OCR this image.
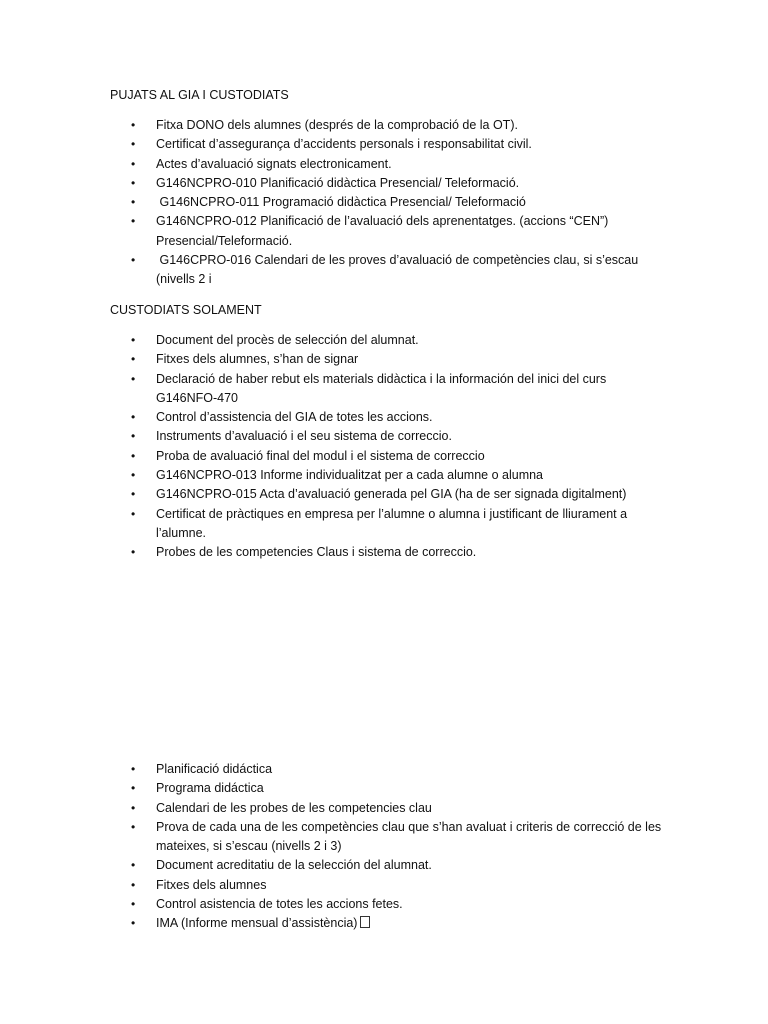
PUJATS AL GIA I CUSTODIATS
• Fitxa DONO dels alumnes (després de la comprobació de la OT).
• Certificat d’assegurança d’accidents personals i responsabilitat civil.
• Actes d’avaluació signats electronicament.
• G146NCPRO-010 Planificació didàctica Presencial/ Teleformació.
• G146NCPRO-011 Programació didàctica Presencial/ Teleformació
• G146NCPRO-012 Planificació de l’avaluació dels aprenentatges. (accions “CEN”) Presencial/Teleformació.
• G146CPRO-016 Calendari de les proves d’avaluació de competències clau, si s’escau (nivells 2 i
CUSTODIATS SOLAMENT
• Document del procès de selección del alumnat.
• Fitxes dels alumnes, s’han de signar
• Declaració de haber rebut els materials didàctica i la información del inici del curs G146NFO-470
• Control d’assistencia del GIA de totes les accions.
• Instruments d’avaluació i el seu sistema de correccio.
• Proba de avaluació final del modul i el sistema de correccio
• G146NCPRO-013 Informe individualitzat per a cada alumne o alumna
• G146NCPRO-015 Acta d’avaluació generada pel GIA (ha de ser signada digitalment)
• Certificat de pràctiques en empresa per l’alumne o alumna i justificant de lliurament a l’alumne.
• Probes de les competencies Claus i sistema de correccio.
• Planificació didáctica
• Programa didáctica
• Calendari de les probes de les competencies clau
• Prova de cada una de les competències clau que s’han avaluat i criteris de correcció de les mateixes, si s’escau (nivells 2 i 3)
• Document acreditatiu de la selección del alumnat.
• Fitxes dels alumnes
• Control asistencia de totes les accions fetes.
• IMA (Informe mensual d’assistència)
